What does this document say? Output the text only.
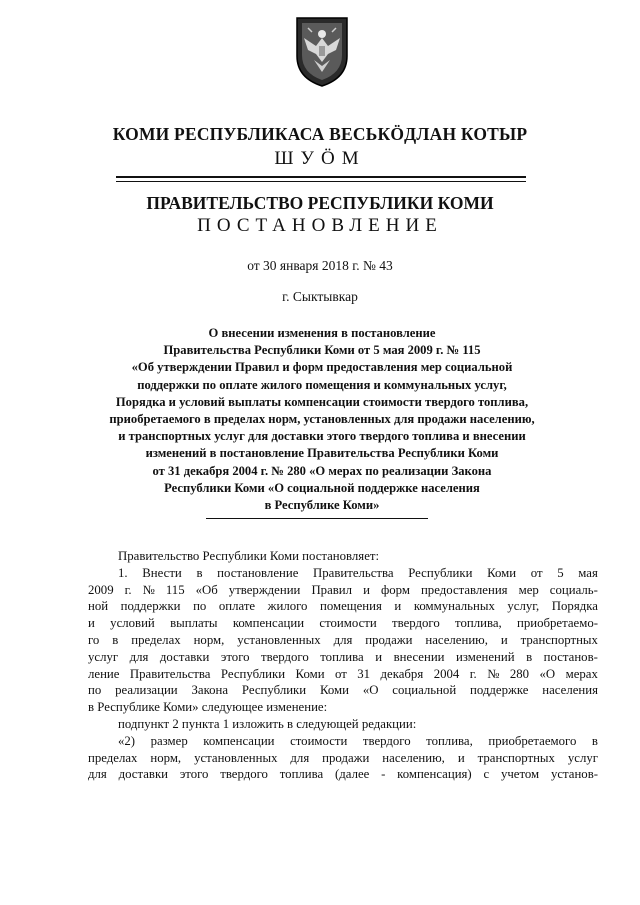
КОМИ РЕСПУБЛИКАСА ВЕСЬКӦДЛАН КОТЫР
ШУӦМ
ПРАВИТЕЛЬСТВО РЕСПУБЛИКИ КОМИ
ПОСТАНОВЛЕНИЕ
от 30 января 2018 г. № 43
г. Сыктывкар
О внесении изменения в постановление
Правительства Республики Коми от 5 мая 2009 г. № 115
«Об утверждении Правил и форм предоставления мер социальной
поддержки по оплате жилого помещения и коммунальных услуг,
Порядка и условий выплаты компенсации стоимости твердого топлива,
приобретаемого в пределах норм, установленных для продажи населению,
и транспортных услуг для доставки этого твердого топлива и внесении
изменений в постановление Правительства Республики Коми
от 31 декабря 2004 г. № 280 «О мерах по реализации Закона
Республики Коми «О социальной поддержке населения
в Республике Коми»
Правительство Республики Коми постановляет:
1. Внести в постановление Правительства Республики Коми от 5 мая
2009 г. № 115 «Об утверждении Правил и форм предоставления мер социаль-
ной поддержки по оплате жилого помещения и коммунальных услуг, Порядка
и условий выплаты компенсации стоимости твердого топлива, приобретаемо-
го в пределах норм, установленных для продажи населению, и транспортных
услуг для доставки этого твердого топлива и внесении изменений в постанов-
ление Правительства Республики Коми от 31 декабря 2004 г. № 280 «О мерах
по реализации Закона Республики Коми «О социальной поддержке населения
в Республике Коми» следующее изменение:
подпункт 2 пункта 1 изложить в следующей редакции:
«2) размер компенсации стоимости твердого топлива, приобретаемого в
пределах норм, установленных для продажи населению, и транспортных услуг
для доставки этого твердого топлива (далее - компенсация) с учетом установ-
